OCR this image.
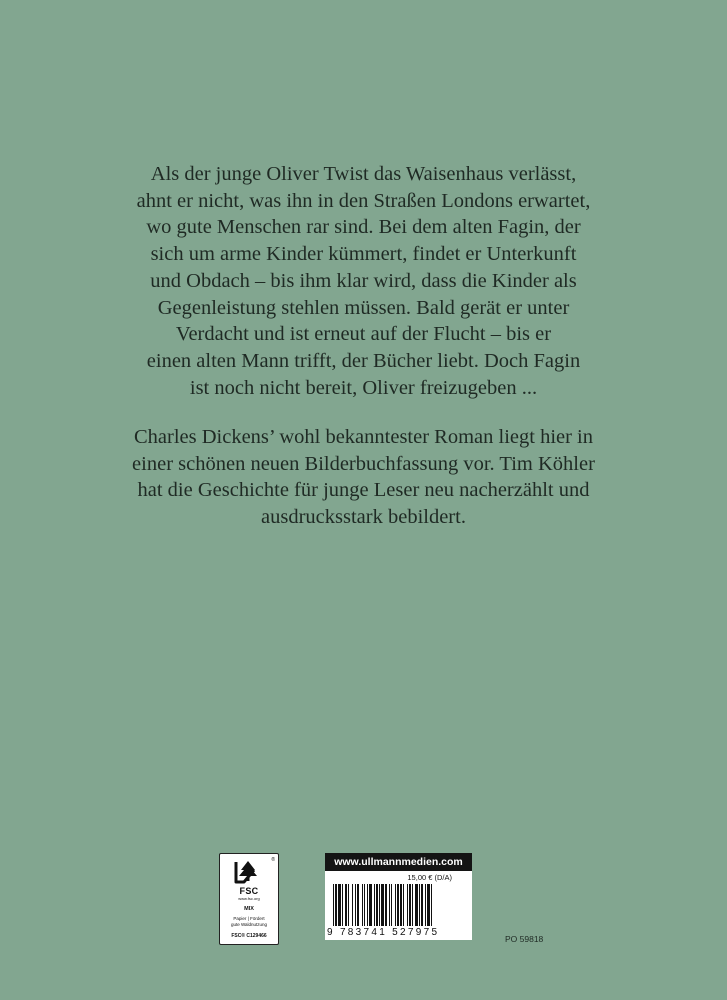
Als der junge Oliver Twist das Waisenhaus verlässt,
ahnt er nicht, was ihn in den Straßen Londons erwartet,
wo gute Menschen rar sind. Bei dem alten Fagin, der
sich um arme Kinder kümmert, findet er Unterkunft
und Obdach – bis ihm klar wird, dass die Kinder als
Gegenleistung stehlen müssen. Bald gerät er unter
Verdacht und ist erneut auf der Flucht – bis er
einen alten Mann trifft, der Bücher liebt. Doch Fagin
ist noch nicht bereit, Oliver freizugeben ...
Charles Dickens’ wohl bekanntester Roman liegt hier in
einer schönen neuen Bilderbuchfassung vor. Tim Köhler
hat die Geschichte für junge Leser neu nacherzählt und
ausdrucksstark bebildert.
®
FSC
www.fsc.org
MIX
Papier | Fördert
gute Waldnutzung
FSC® C129466
www.ullmannmedien.com
15,00 € (D/A)
9 783741 527975
PO 59818
